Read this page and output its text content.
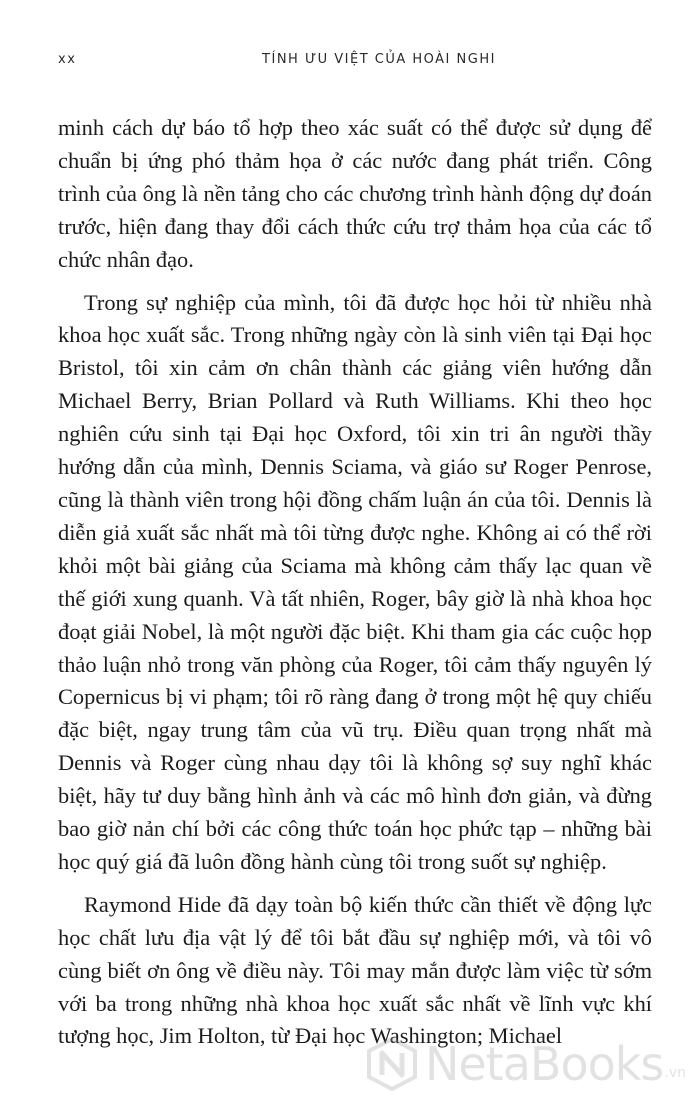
xx	TÍNH ƯU VIỆT CỦA HOÀI NGHI

minh cách dự báo tổ hợp theo xác suất có thể được sử dụng để chuẩn bị ứng phó thảm họa ở các nước đang phát triển. Công trình của ông là nền tảng cho các chương trình hành động dự đoán trước, hiện đang thay đổi cách thức cứu trợ thảm họa của các tổ chức nhân đạo.

Trong sự nghiệp của mình, tôi đã được học hỏi từ nhiều nhà khoa học xuất sắc. Trong những ngày còn là sinh viên tại Đại học Bristol, tôi xin cảm ơn chân thành các giảng viên hướng dẫn Michael Berry, Brian Pollard và Ruth Williams. Khi theo học nghiên cứu sinh tại Đại học Oxford, tôi xin tri ân người thầy hướng dẫn của mình, Dennis Sciama, và giáo sư Roger Penrose, cũng là thành viên trong hội đồng chấm luận án của tôi. Dennis là diễn giả xuất sắc nhất mà tôi từng được nghe. Không ai có thể rời khỏi một bài giảng của Sciama mà không cảm thấy lạc quan về thế giới xung quanh. Và tất nhiên, Roger, bây giờ là nhà khoa học đoạt giải Nobel, là một người đặc biệt. Khi tham gia các cuộc họp thảo luận nhỏ trong văn phòng của Roger, tôi cảm thấy nguyên lý Copernicus bị vi phạm; tôi rõ ràng đang ở trong một hệ quy chiếu đặc biệt, ngay trung tâm của vũ trụ. Điều quan trọng nhất mà Dennis và Roger cùng nhau dạy tôi là không sợ suy nghĩ khác biệt, hãy tư duy bằng hình ảnh và các mô hình đơn giản, và đừng bao giờ nản chí bởi các công thức toán học phức tạp – những bài học quý giá đã luôn đồng hành cùng tôi trong suốt sự nghiệp.

Raymond Hide đã dạy toàn bộ kiến thức cần thiết về động lực học chất lưu địa vật lý để tôi bắt đầu sự nghiệp mới, và tôi vô cùng biết ơn ông về điều này. Tôi may mắn được làm việc từ sớm với ba trong những nhà khoa học xuất sắc nhất về lĩnh vực khí tượng học, Jim Holton, từ Đại học Washington; Michael

NetaBooks .vn
